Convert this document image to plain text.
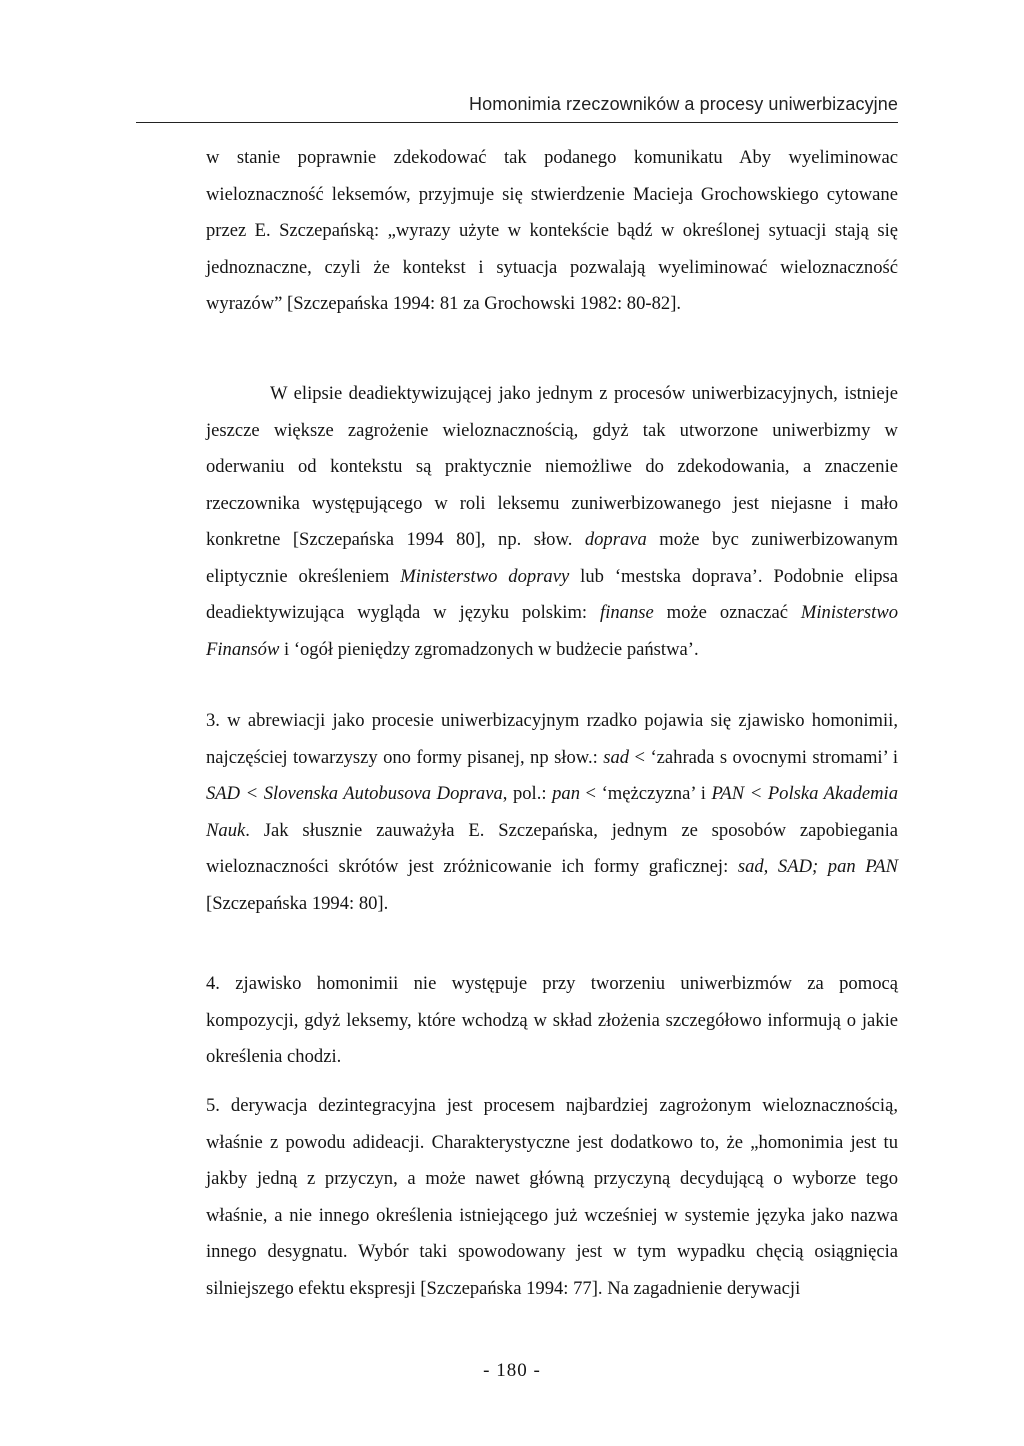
Homonimia rzeczowników a procesy uniwerbizacyjne

w stanie poprawnie zdekodować tak podanego komunikatu Aby wyeliminowac wieloznaczność leksemów, przyjmuje się stwierdzenie Macieja Grochowskiego cytowane przez E. Szczepańską: „wyrazy użyte w kontekście bądź w określonej sytuacji stają się jednoznaczne, czyli że kontekst i sytuacja pozwalają wyeliminować wieloznaczność wyrazów” [Szczepańska 1994: 81 za Grochowski 1982: 80-82].

W elipsie deadiektywizującej jako jednym z procesów uniwerbizacyjnych, istnieje jeszcze większe zagrożenie wieloznacznością, gdyż tak utworzone uniwerbizmy w oderwaniu od kontekstu są praktycznie niemożliwe do zdekodowania, a znaczenie rzeczownika występującego w roli leksemu zuniwerbizowanego jest niejasne i mało konkretne [Szczepańska 1994 80], np. słow. doprava może byc zuniwerbizowanym eliptycznie określeniem Ministerstwo dopravy lub ‘mestska doprava’. Podobnie elipsa deadiektywizująca wygląda w języku polskim: finanse może oznaczać Ministerstwo Finansów i ‘ogół pieniędzy zgromadzonych w budżecie państwa’.

3. w abrewiacji jako procesie uniwerbizacyjnym rzadko pojawia się zjawisko homonimii, najczęściej towarzyszy ono formy pisanej, np słow.: sad < ‘zahrada s ovocnymi stromami’ i SAD < Slovenska Autobusova Doprava, pol.: pan < ‘mężczyzna’ i PAN < Polska Akademia Nauk. Jak słusznie zauważyła E. Szczepańska, jednym ze sposobów zapobiegania wieloznaczności skrótów jest zróżnicowanie ich formy graficznej: sad, SAD; pan PAN [Szczepańska 1994: 80].

4. zjawisko homonimii nie występuje przy tworzeniu uniwerbizmów za pomocą kompozycji, gdyż leksemy, które wchodzą w skład złożenia szczegółowo informują o jakie określenia chodzi.

5. derywacja dezintegracyjna jest procesem najbardziej zagrożonym wieloznacznością, właśnie z powodu adideacji. Charakterystyczne jest dodatkowo to, że „homonimia jest tu jakby jedną z przyczyn, a może nawet główną przyczyną decydującą o wyborze tego właśnie, a nie innego określenia istniejącego już wcześniej w systemie języka jako nazwa innego desygnatu. Wybór taki spowodowany jest w tym wypadku chęcią osiągnięcia silniejszego efektu ekspresji [Szczepańska 1994: 77]. Na zagadnienie derywacji

- 180 -
